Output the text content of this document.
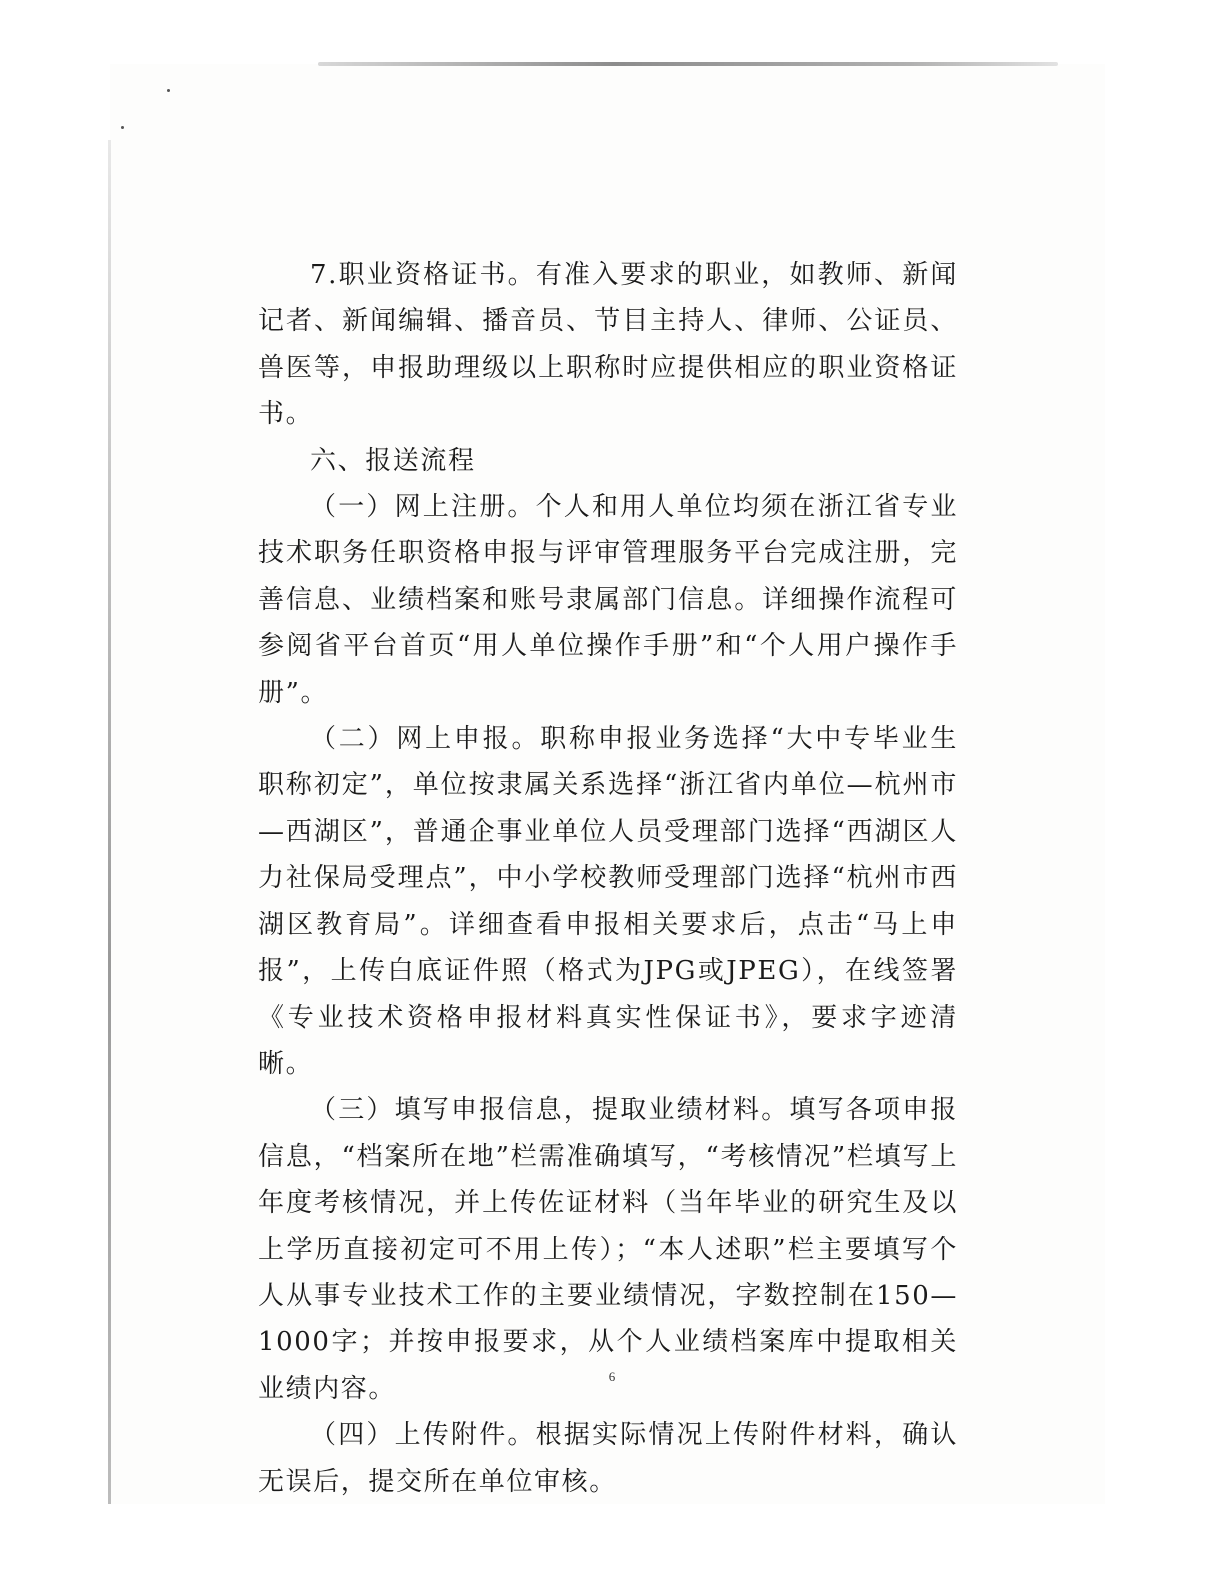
7.职业资格证书。有准入要求的职业，如教师、新闻记者、新闻编辑、播音员、节目主持人、律师、公证员、兽医等，申报助理级以上职称时应提供相应的职业资格证书。

六、报送流程

（一）网上注册。个人和用人单位均须在浙江省专业技术职务任职资格申报与评审管理服务平台完成注册，完善信息、业绩档案和账号隶属部门信息。详细操作流程可参阅省平台首页“用人单位操作手册”和“个人用户操作手册”。

（二）网上申报。职称申报业务选择“大中专毕业生职称初定”，单位按隶属关系选择“浙江省内单位—杭州市—西湖区”，普通企事业单位人员受理部门选择“西湖区人力社保局受理点”，中小学校教师受理部门选择“杭州市西湖区教育局”。详细查看申报相关要求后，点击“马上申报”，上传白底证件照（格式为JPG或JPEG），在线签署《专业技术资格申报材料真实性保证书》，要求字迹清晰。

（三）填写申报信息，提取业绩材料。填写各项申报信息，“档案所在地”栏需准确填写，“考核情况”栏填写上年度考核情况，并上传佐证材料（当年毕业的研究生及以上学历直接初定可不用上传）；“本人述职”栏主要填写个人从事专业技术工作的主要业绩情况，字数控制在150—1000字；并按申报要求，从个人业绩档案库中提取相关业绩内容。

（四）上传附件。根据实际情况上传附件材料，确认无误后，提交所在单位审核。

6
